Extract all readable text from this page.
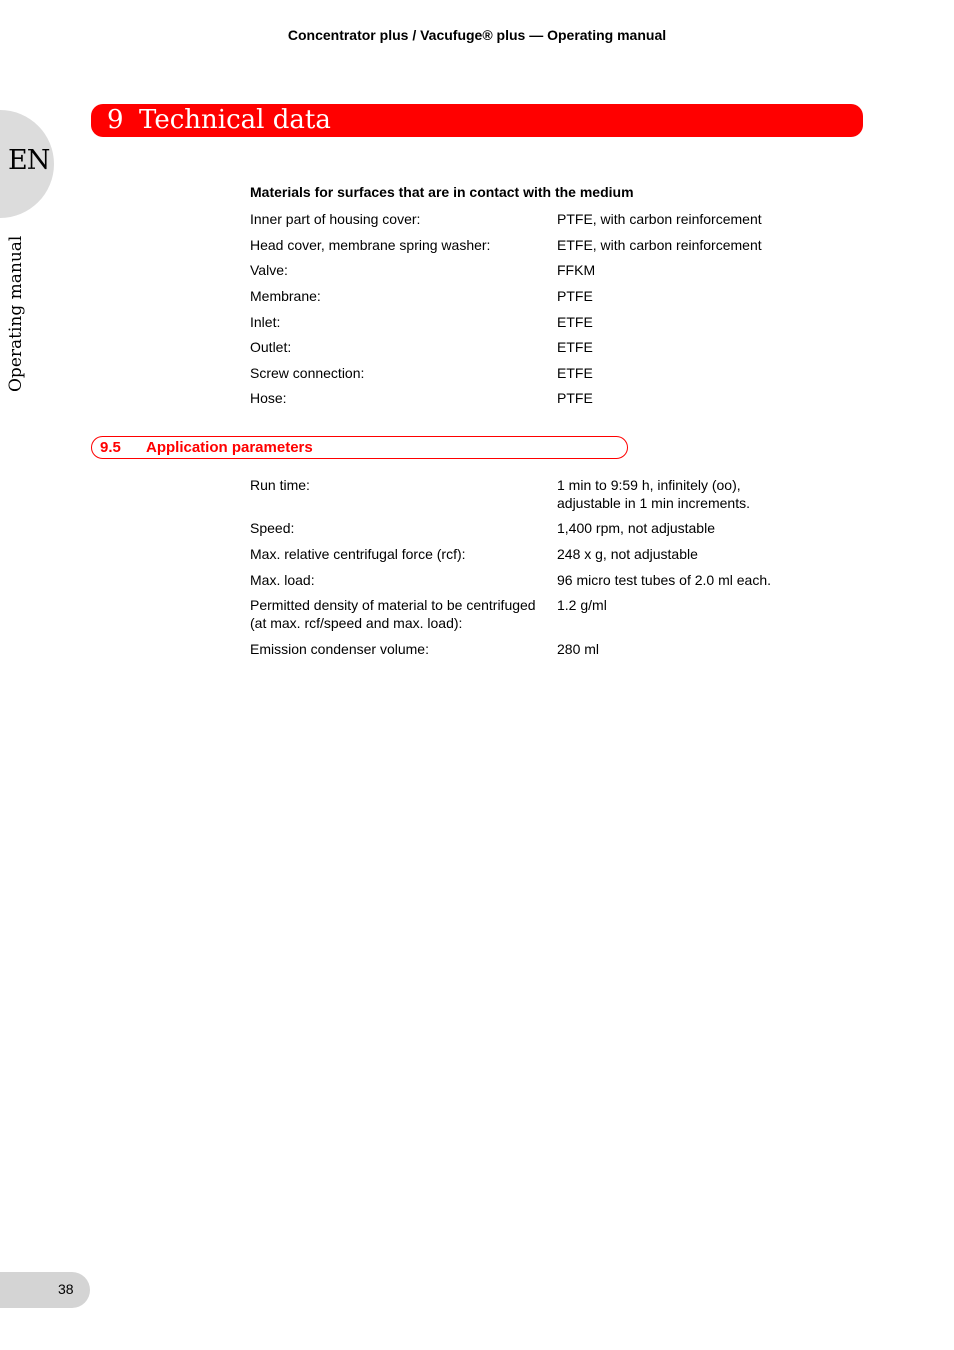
Concentrator plus / Vacufuge® plus — Operating manual
EN
Operating manual
9 Technical data
Materials for surfaces that are in contact with the medium
Inner part of housing cover:	PTFE, with carbon reinforcement
Head cover, membrane spring washer:	ETFE, with carbon reinforcement
Valve:	FFKM
Membrane:	PTFE
Inlet:	ETFE
Outlet:	ETFE
Screw connection:	ETFE
Hose:	PTFE
9.5 Application parameters
Run time:	1 min to 9:59 h, infinitely (oo),
adjustable in 1 min increments.
Speed:	1,400 rpm, not adjustable
Max. relative centrifugal force (rcf):	248 x g, not adjustable
Max. load:	96 micro test tubes of 2.0 ml each.
Permitted density of material to be centrifuged
(at max. rcf/speed and max. load):
1.2 g/ml
Emission condenser volume:	280 ml
38
